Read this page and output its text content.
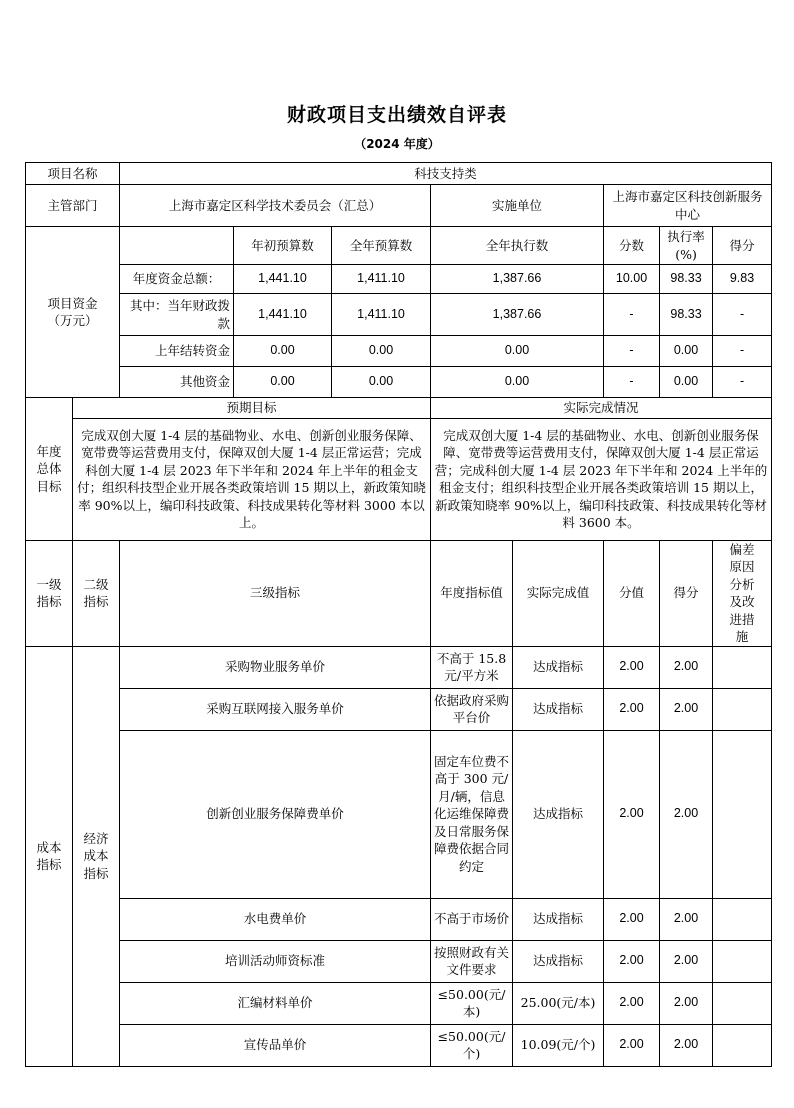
财政项目支出绩效自评表
（2024 年度）
项目名称		科技支持类							
主管部门		上海市嘉定区科学技术委员会（汇总）			实施单位		上海市嘉定区科技创新服务中心		
项目资金（万元）			年初预算数	全年预算数	全年执行数		分数	执行率(%)	得分
		年度资金总额：	1,441.10	1,411.10	1,387.66		10.00	98.33	9.83
		其中：当年财政拨款	1,441.10	1,411.10	1,387.66		-	98.33	-
		上年结转资金	0.00	0.00	0.00		-	0.00	-
		其他资金	0.00	0.00	0.00		-	0.00	-
年度总体目标	预期目标				实际完成情况				
	完成双创大厦 1-4 层的基础物业、水电、创新创业服务保障、宽带费等运营费用支付，保障双创大厦 1-4 层正常运营；完成科创大厦 1-4 层 2023 年下半年和 2024 年上半年的租金支付；组织科技型企业开展各类政策培训 15 期以上，新政策知晓率 90%以上，编印科技政策、科技成果转化等材料 3000 本以上。				完成双创大厦 1-4 层的基础物业、水电、创新创业服务保障、宽带费等运营费用支付，保障双创大厦 1-4 层正常运营；完成科创大厦 1-4 层 2023 年下半年和 2024 上半年的租金支付；组织科技型企业开展各类政策培训 15 期以上，新政策知晓率 90%以上，编印科技政策、科技成果转化等材料 3600 本。				
一级指标	二级指标	三级指标			年度指标值	实际完成值	分值	得分	偏差原因分析及改进措施
成本指标	经济成本指标	采购物业服务单价			不高于 15.8 元/平方米	达成指标	2.00	2.00	
		采购互联网接入服务单价			依据政府采购平台价	达成指标	2.00	2.00	
		创新创业服务保障费单价			固定车位费不高于 300 元/月/辆，信息化运维保障费及日常服务保障费依据合同约定	达成指标	2.00	2.00	
		水电费单价			不高于市场价	达成指标	2.00	2.00	
		培训活动师资标准			按照财政有关文件要求	达成指标	2.00	2.00	
		汇编材料单价			≤50.00(元/本)	25.00(元/本)	2.00	2.00	
		宣传品单价			≤50.00(元/个)	10.09(元/个)	2.00	2.00	
